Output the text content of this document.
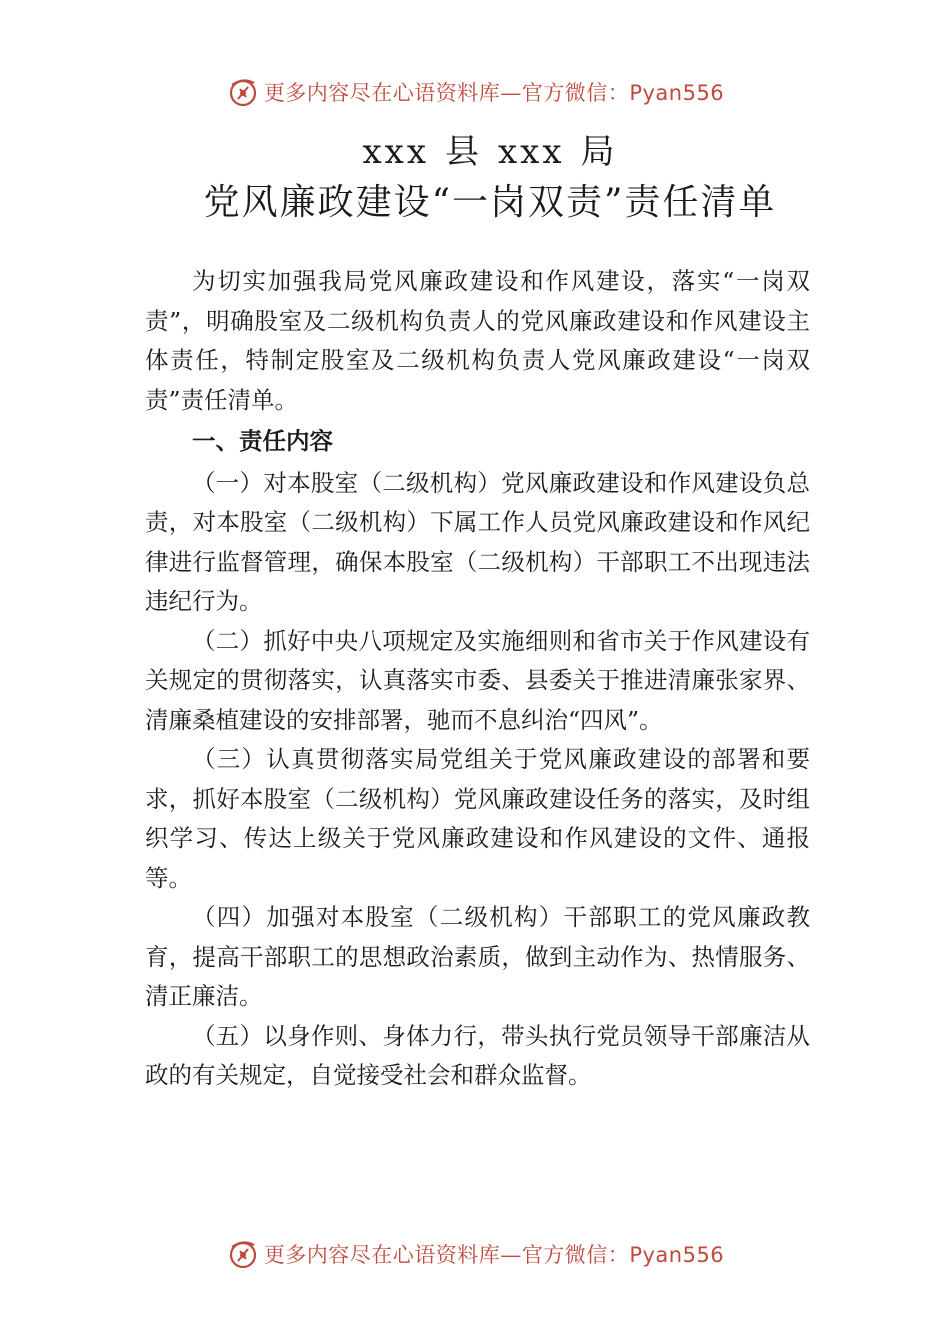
更多内容尽在心语资料库—官方微信：Pyan556
xxx 县 xxx 局
党风廉政建设“一岗双责”责任清单

为切实加强我局党风廉政建设和作风建设，落实“一岗双责”，明确股室及二级机构负责人的党风廉政建设和作风建设主体责任，特制定股室及二级机构负责人党风廉政建设“一岗双责”责任清单。

一、责任内容

（一）对本股室（二级机构）党风廉政建设和作风建设负总责，对本股室（二级机构）下属工作人员党风廉政建设和作风纪律进行监督管理，确保本股室（二级机构）干部职工不出现违法违纪行为。

（二）抓好中央八项规定及实施细则和省市关于作风建设有关规定的贯彻落实，认真落实市委、县委关于推进清廉张家界、清廉桑植建设的安排部署，驰而不息纠治“四风”。

（三）认真贯彻落实局党组关于党风廉政建设的部署和要求，抓好本股室（二级机构）党风廉政建设任务的落实，及时组织学习、传达上级关于党风廉政建设和作风建设的文件、通报等。

（四）加强对本股室（二级机构）干部职工的党风廉政教育，提高干部职工的思想政治素质，做到主动作为、热情服务、清正廉洁。

（五）以身作则、身体力行，带头执行党员领导干部廉洁从政的有关规定，自觉接受社会和群众监督。

更多内容尽在心语资料库—官方微信：Pyan556
